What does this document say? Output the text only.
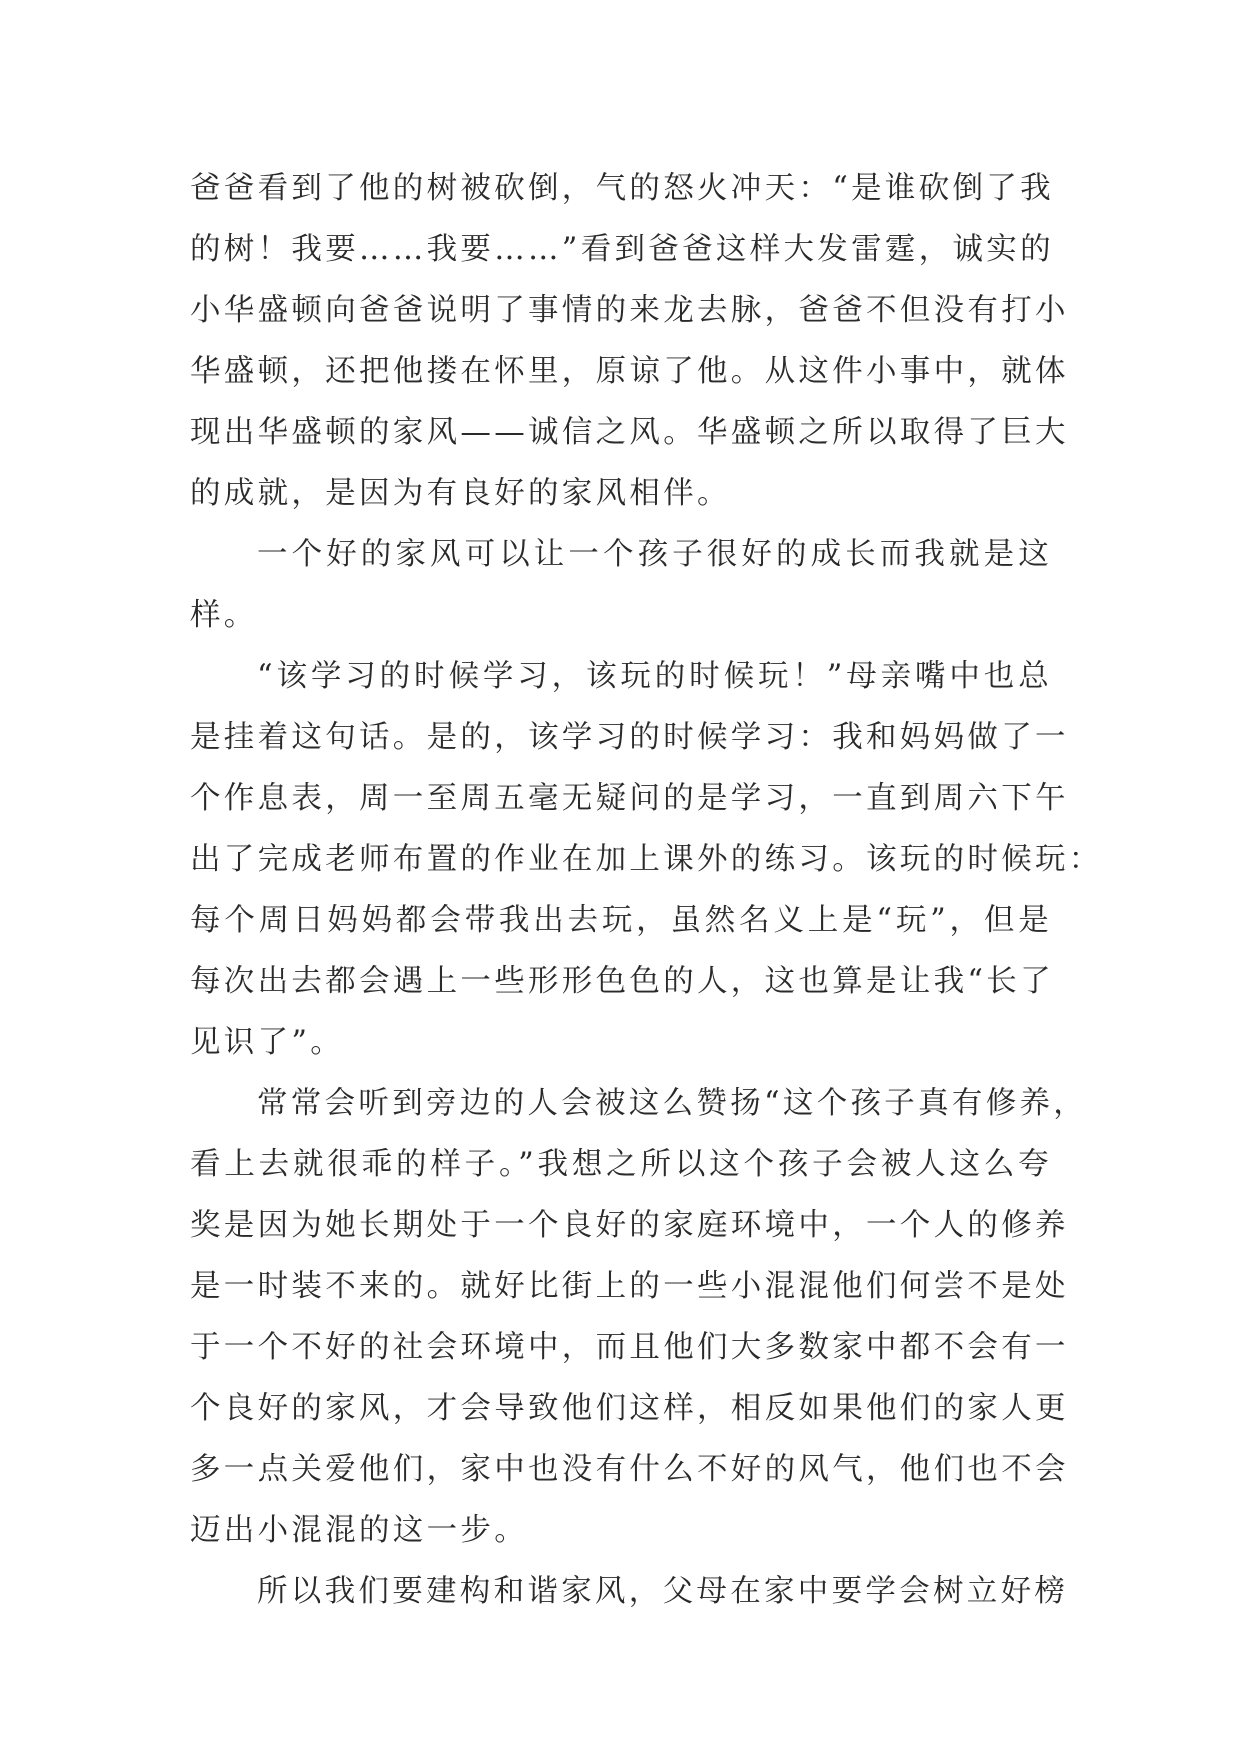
爸爸看到了他的树被砍倒，气的怒火冲天：“是谁砍倒了我
的树！我要……我要……”看到爸爸这样大发雷霆，诚实的
小华盛顿向爸爸说明了事情的来龙去脉，爸爸不但没有打小
华盛顿，还把他搂在怀里，原谅了他。从这件小事中，就体
现出华盛顿的家风——诚信之风。华盛顿之所以取得了巨大
的成就，是因为有良好的家风相伴。

一个好的家风可以让一个孩子很好的成长而我就是这
样。

“该学习的时候学习，该玩的时候玩！”母亲嘴中也总
是挂着这句话。是的，该学习的时候学习：我和妈妈做了一
个作息表，周一至周五毫无疑问的是学习，一直到周六下午
出了完成老师布置的作业在加上课外的练习。该玩的时候玩：
每个周日妈妈都会带我出去玩，虽然名义上是“玩”，但是
每次出去都会遇上一些形形色色的人，这也算是让我“长了
见识了”。

常常会听到旁边的人会被这么赞扬“这个孩子真有修养，
看上去就很乖的样子。”我想之所以这个孩子会被人这么夸
奖是因为她长期处于一个良好的家庭环境中，一个人的修养
是一时装不来的。就好比街上的一些小混混他们何尝不是处
于一个不好的社会环境中，而且他们大多数家中都不会有一
个良好的家风，才会导致他们这样，相反如果他们的家人更
多一点关爱他们，家中也没有什么不好的风气，他们也不会
迈出小混混的这一步。

所以我们要建构和谐家风，父母在家中要学会树立好榜
